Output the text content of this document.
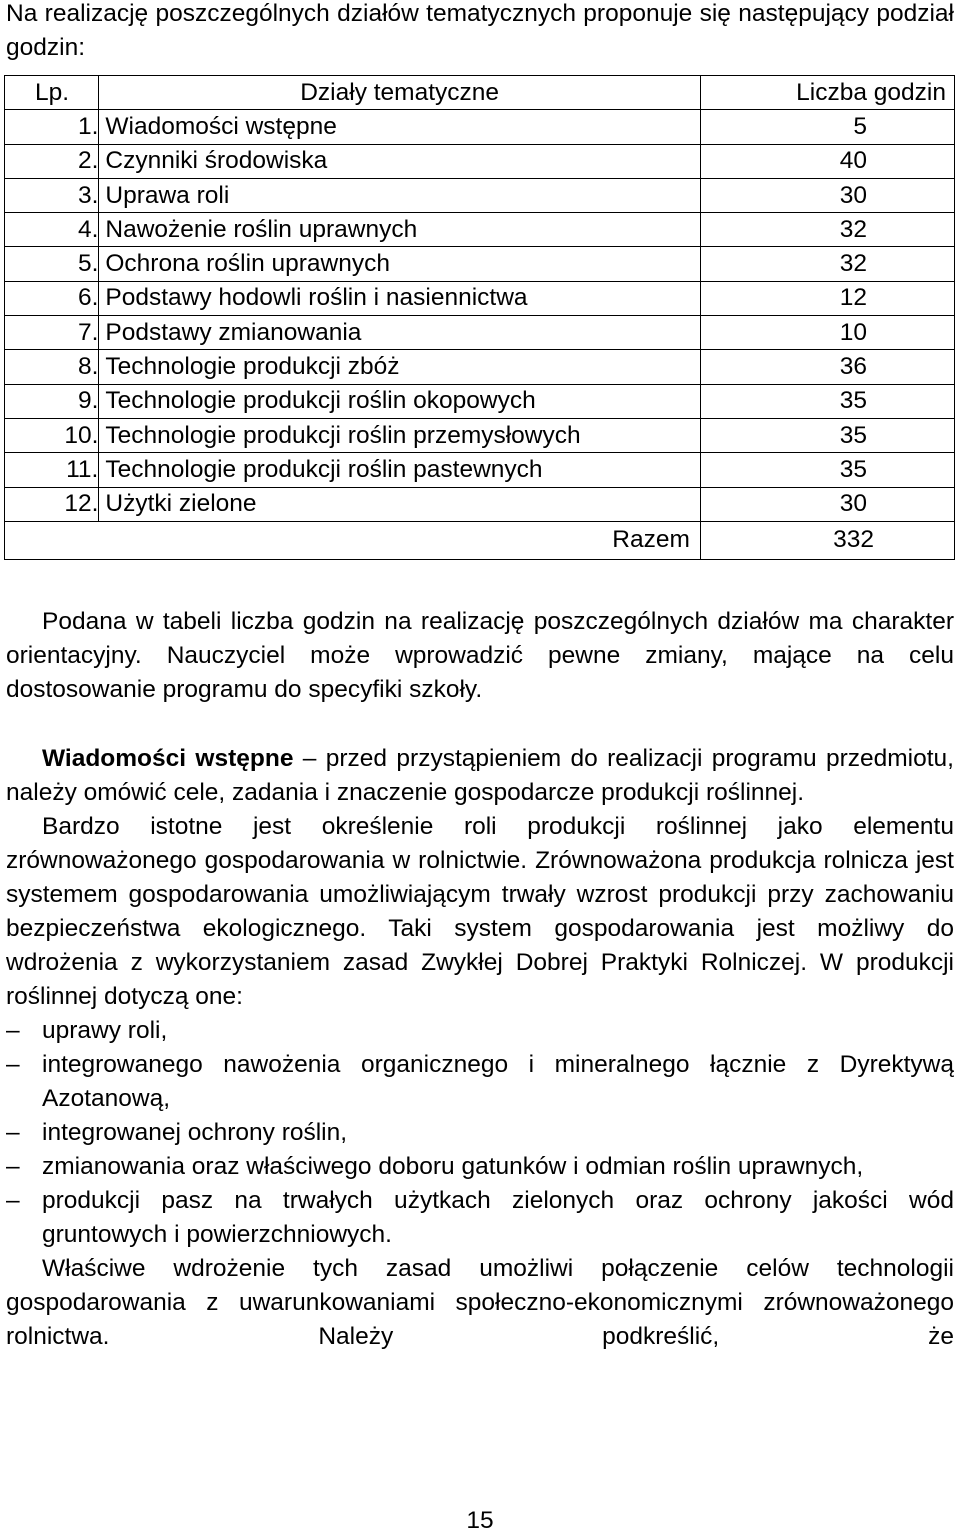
Na realizację poszczególnych działów tematycznych proponuje się następujący podział godzin:
Lp.	Działy tematyczne	Liczba godzin
1.	Wiadomości wstępne	5
2.	Czynniki środowiska	40
3.	Uprawa roli	30
4.	Nawożenie roślin uprawnych	32
5.	Ochrona roślin uprawnych	32
6.	Podstawy hodowli roślin i nasiennictwa	12
7.	Podstawy zmianowania	10
8.	Technologie produkcji zbóż	36
9.	Technologie produkcji roślin okopowych	35
10.	Technologie produkcji roślin przemysłowych	35
11.	Technologie produkcji roślin pastewnych	35
12.	Użytki zielone	30
Razem		332
Podana w tabeli liczba godzin na realizację poszczególnych działów ma charakter orientacyjny. Nauczyciel może wprowadzić pewne zmiany, mające na celu dostosowanie programu do specyfiki szkoły.
Wiadomości wstępne – przed przystąpieniem do realizacji programu przedmiotu, należy omówić cele, zadania i znaczenie gospodarcze produkcji roślinnej.
Bardzo istotne jest określenie roli produkcji roślinnej jako elementu zrównoważonego gospodarowania w rolnictwie. Zrównoważona produkcja rolnicza jest systemem gospodarowania umożliwiającym trwały wzrost produkcji przy zachowaniu bezpieczeństwa ekologicznego. Taki system gospodarowania jest możliwy do wdrożenia z wykorzystaniem zasad Zwykłej Dobrej Praktyki Rolniczej. W produkcji roślinnej dotyczą one:
– uprawy roli,
– integrowanego nawożenia organicznego i mineralnego łącznie z Dyrektywą Azotanową,
– integrowanej ochrony roślin,
– zmianowania oraz właściwego doboru gatunków i odmian roślin uprawnych,
– produkcji pasz na trwałych użytkach zielonych oraz ochrony jakości wód gruntowych i powierzchniowych.
Właściwe wdrożenie tych zasad umożliwi połączenie celów technologii gospodarowania z uwarunkowaniami społeczno-ekonomicznymi zrównoważonego rolnictwa. Należy podkreślić, że
15
